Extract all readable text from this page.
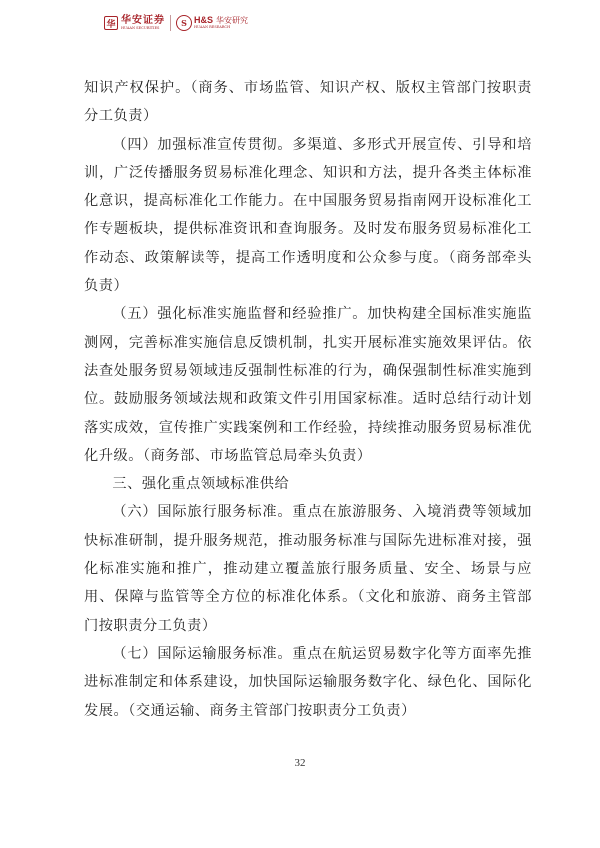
华 华安证券
HUAAN SECURITIES	S H&S 华安研究
HUAAN RESEARCH

知识产权保护。（商务、市场监管、知识产权、版权主管部门按职责分工负责）

（四）加强标准宣传贯彻。多渠道、多形式开展宣传、引导和培训，广泛传播服务贸易标准化理念、知识和方法，提升各类主体标准化意识，提高标准化工作能力。在中国服务贸易指南网开设标准化工作专题板块，提供标准资讯和查询服务。及时发布服务贸易标准化工作动态、政策解读等，提高工作透明度和公众参与度。（商务部牵头负责）

（五）强化标准实施监督和经验推广。加快构建全国标准实施监测网，完善标准实施信息反馈机制，扎实开展标准实施效果评估。依法查处服务贸易领域违反强制性标准的行为，确保强制性标准实施到位。鼓励服务领域法规和政策文件引用国家标准。适时总结行动计划落实成效，宣传推广实践案例和工作经验，持续推动服务贸易标准优化升级。（商务部、市场监管总局牵头负责）

三、强化重点领域标准供给

（六）国际旅行服务标准。重点在旅游服务、入境消费等领域加快标准研制，提升服务规范，推动服务标准与国际先进标准对接，强化标准实施和推广，推动建立覆盖旅行服务质量、安全、场景与应用、保障与监管等全方位的标准化体系。（文化和旅游、商务主管部门按职责分工负责）

（七）国际运输服务标准。重点在航运贸易数字化等方面率先推进标准制定和体系建设，加快国际运输服务数字化、绿色化、国际化发展。（交通运输、商务主管部门按职责分工负责）

32
